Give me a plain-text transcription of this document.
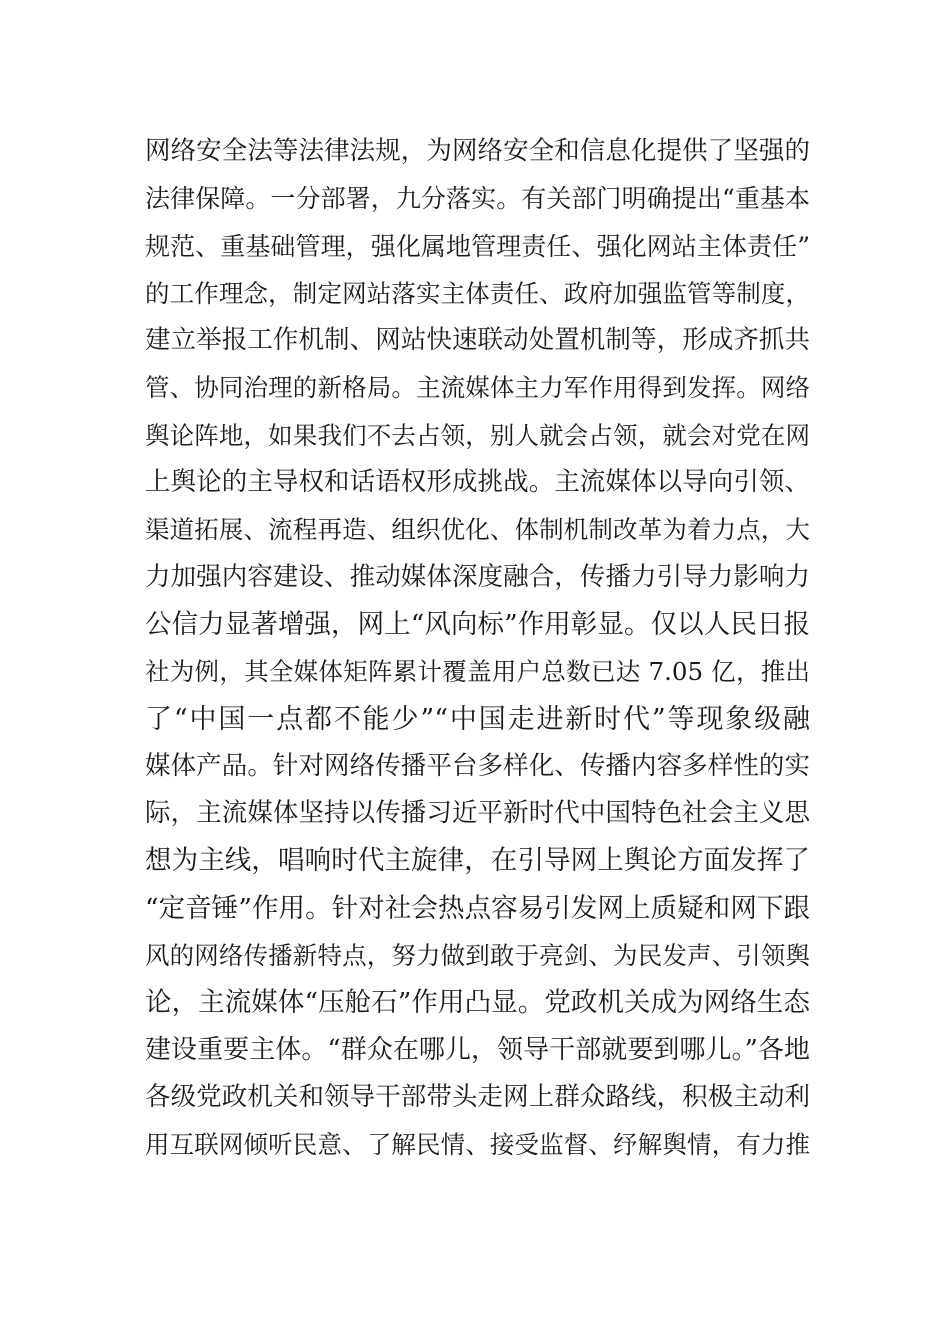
网络安全法等法律法规，为网络安全和信息化提供了坚强的
法律保障。一分部署，九分落实。有关部门明确提出“重基本
规范、重基础管理，强化属地管理责任、强化网站主体责任”
的工作理念，制定网站落实主体责任、政府加强监管等制度，
建立举报工作机制、网站快速联动处置机制等，形成齐抓共
管、协同治理的新格局。主流媒体主力军作用得到发挥。网络
舆论阵地，如果我们不去占领，别人就会占领，就会对党在网
上舆论的主导权和话语权形成挑战。主流媒体以导向引领、
渠道拓展、流程再造、组织优化、体制机制改革为着力点，大
力加强内容建设、推动媒体深度融合，传播力引导力影响力
公信力显著增强，网上“风向标”作用彰显。仅以人民日报
社为例，其全媒体矩阵累计覆盖用户总数已达 7.05 亿，推出
了“中国一点都不能少”“中国走进新时代”等现象级融
媒体产品。针对网络传播平台多样化、传播内容多样性的实
际，主流媒体坚持以传播习近平新时代中国特色社会主义思
想为主线，唱响时代主旋律，在引导网上舆论方面发挥了
“定音锤”作用。针对社会热点容易引发网上质疑和网下跟
风的网络传播新特点，努力做到敢于亮剑、为民发声、引领舆
论，主流媒体“压舱石”作用凸显。党政机关成为网络生态
建设重要主体。“群众在哪儿，领导干部就要到哪儿。”各地
各级党政机关和领导干部带头走网上群众路线，积极主动利
用互联网倾听民意、了解民情、接受监督、纾解舆情，有力推
